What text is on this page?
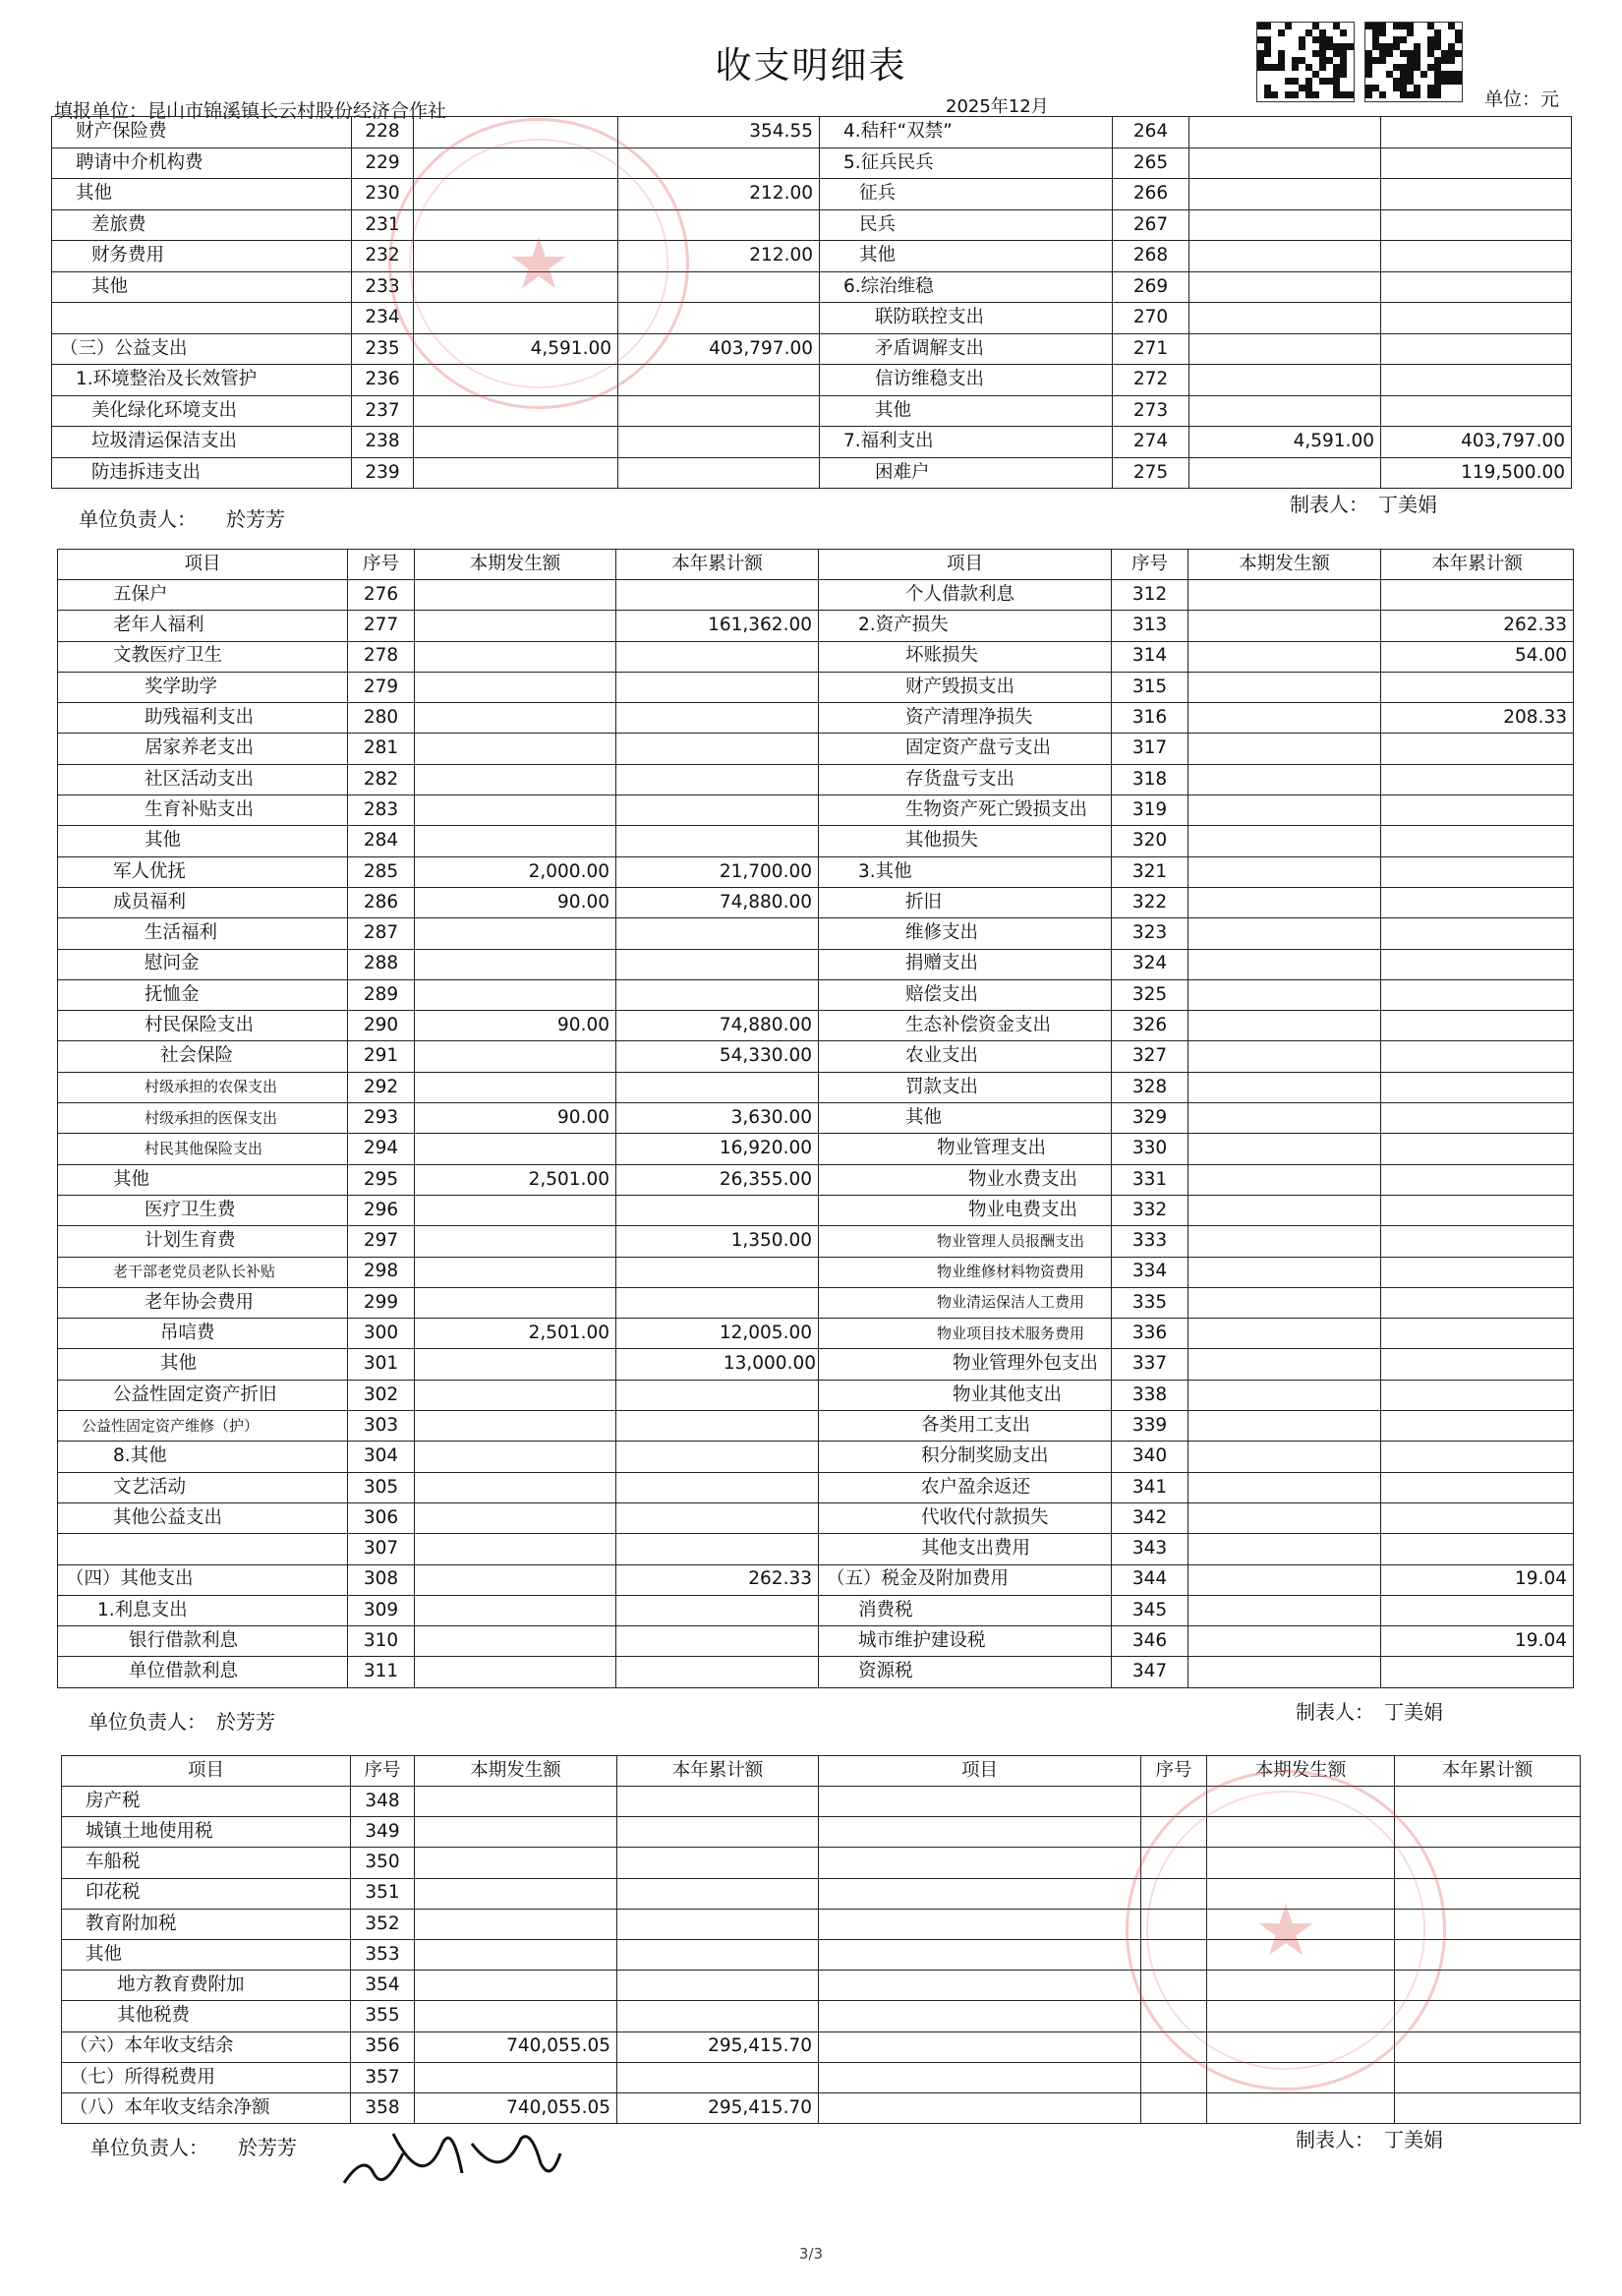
收支明细表
填报单位：昆山市锦溪镇长云村股份经济合作社	2025年12月	单位：元
财产保险费	228		354.55	4.秸秆“双禁”	264		
聘请中介机构费	229			5.征兵民兵	265		
其他	230		212.00	征兵	266		
差旅费	231			民兵	267		
财务费用	232		212.00	其他	268		
其他	233			6.综治维稳	269		
	234			联防联控支出	270		
（三）公益支出	235	4,591.00	403,797.00	矛盾调解支出	271		
1.环境整治及长效管护	236			信访维稳支出	272		
美化绿化环境支出	237			其他	273		
垃圾清运保洁支出	238			7.福利支出	274	4,591.00	403,797.00
防违拆违支出	239			困难户	275		119,500.00
单位负责人：　　於芳芳
制表人：　丁美娟
项目	序号	本期发生额	本年累计额	项目	序号	本期发生额	本年累计额
五保户	276			个人借款利息	312		
老年人福利	277		161,362.00	2.资产损失	313		262.33
文教医疗卫生	278			坏账损失	314		54.00
奖学助学	279			财产毁损支出	315		
助残福利支出	280			资产清理净损失	316		208.33
居家养老支出	281			固定资产盘亏支出	317		
社区活动支出	282			存货盘亏支出	318		
生育补贴支出	283			生物资产死亡毁损支出	319		
其他	284			其他损失	320		
军人优抚	285	2,000.00	21,700.00	3.其他	321		
成员福利	286	90.00	74,880.00	折旧	322		
生活福利	287			维修支出	323		
慰问金	288			捐赠支出	324		
抚恤金	289			赔偿支出	325		
村民保险支出	290	90.00	74,880.00	生态补偿资金支出	326		
社会保险	291		54,330.00	农业支出	327		
村级承担的农保支出	292			罚款支出	328		
村级承担的医保支出	293	90.00	3,630.00	其他	329		
村民其他保险支出	294		16,920.00	物业管理支出	330		
其他	295	2,501.00	26,355.00	物业水费支出	331		
医疗卫生费	296			物业电费支出	332		
计划生育费	297		1,350.00	物业管理人员报酬支出	333		
老干部老党员老队长补贴	298			物业维修材料物资费用	334		
老年协会费用	299			物业清运保洁人工费用	335		
吊唁费	300	2,501.00	12,005.00	物业项目技术服务费用	336		
其他	301		13,000.00	物业管理外包支出	337		
公益性固定资产折旧	302			物业其他支出	338		
公益性固定资产维修（护）	303			各类用工支出	339		
8.其他	304			积分制奖励支出	340		
文艺活动	305			农户盈余返还	341		
其他公益支出	306			代收代付款损失	342		
	307			其他支出费用	343		
（四）其他支出	308		262.33	（五）税金及附加费用	344		19.04
1.利息支出	309			消费税	345		
银行借款利息	310			城市维护建设税	346		19.04
单位借款利息	311			资源税	347		
单位负责人：　於芳芳	制表人：　丁美娟
项目	序号	本期发生额	本年累计额	项目	序号	本期发生额	本年累计额
房产税	348						
城镇土地使用税	349						
车船税	350						
印花税	351						
教育附加税	352						
其他	353						
地方教育费附加	354						
其他税费	355						
（六）本年收支结余	356	740,055.05	295,415.70				
（七）所得税费用	357						
（八）本年收支结余净额	358	740,055.05	295,415.70				
单位负责人：　　於芳芳	制表人：　丁美娟
★
★
3/3
